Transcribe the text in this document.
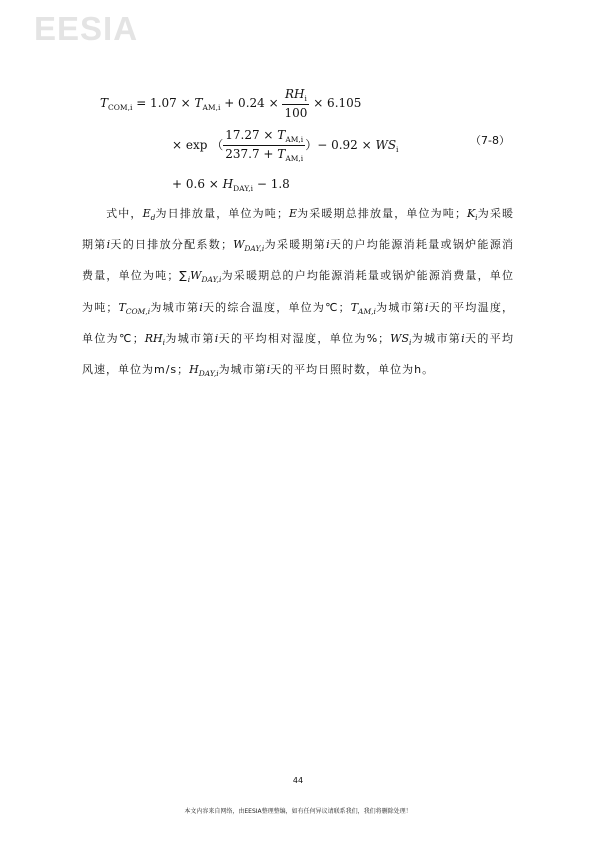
EESIA
$T_{COM,i} = 1.07 \times T_{AM,i} + 0.24 \times \frac{RH_i}{100} \times 6.105$
× exp （ $\frac{17.27 \times T_{AM,i}}{237.7 + T_{AM,i}}$ ）− $0.92 \times WS_i$
（7-8）
+ $0.6 \times H_{DAY,i} - 1.8$

式中，$E_d$为日排放量，单位为吨；E为采暖期总排放量，单位为吨；$K_i$为采暖期第i天的日排放分配系数；$W_{DAY,i}$为采暖期第i天的户均能源消耗量或锅炉能源消费量，单位为吨；$\sum_iW_{DAY,i}$为采暖期总的户均能源消耗量或锅炉能源消费量，单位为吨；$T_{COM,i}$为城市第i天的综合温度，单位为℃；$T_{AM,i}$为城市第i天的平均温度，单位为℃；$RH_i$为城市第i天的平均相对湿度，单位为%；$WS_i$为城市第i天的平均风速，单位为m/s；$H_{DAY,i}$为城市第i天的平均日照时数，单位为h。

44
本文内容来自网络，由EESIA整理整编，如有任何异议请联系我们，我们将删除处理！
